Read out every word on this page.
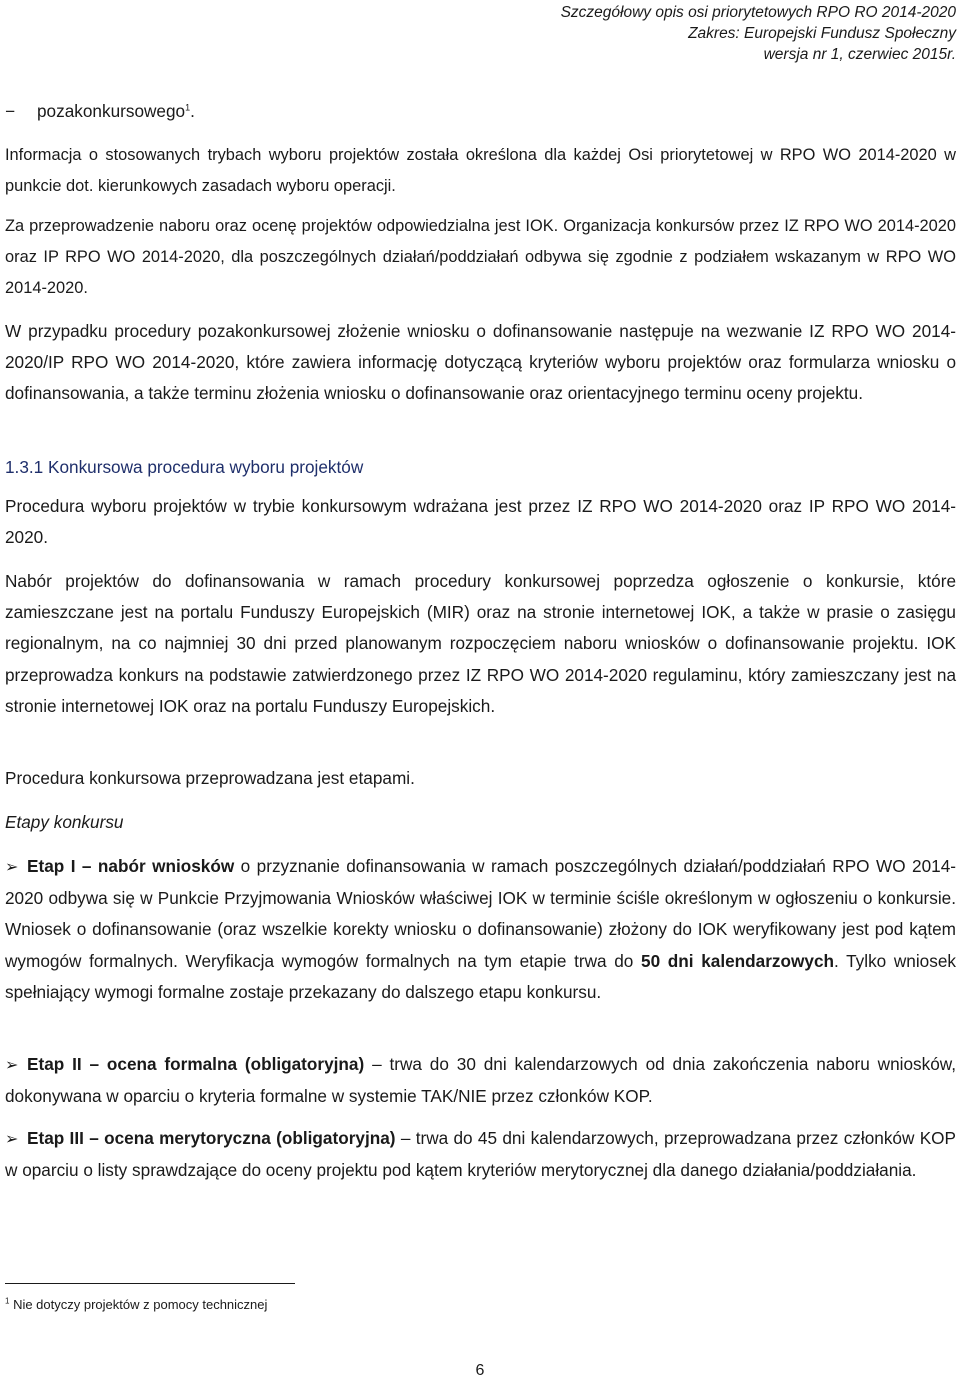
Szczegółowy opis osi priorytetowych RPO RO 2014-2020
Zakres: Europejski Fundusz Społeczny
wersja nr 1, czerwiec 2015r.
− pozakonkursowego$^1$.

Informacja o stosowanych trybach wyboru projektów została określona dla każdej Osi priorytetowej w RPO WO 2014-2020 w punkcie dot. kierunkowych zasadach wyboru operacji.

Za przeprowadzenie naboru oraz ocenę projektów odpowiedzialna jest IOK. Organizacja konkursów przez IZ RPO WO 2014-2020 oraz IP RPO WO 2014-2020, dla poszczególnych działań/poddziałań odbywa się zgodnie z podziałem wskazanym w RPO WO 2014-2020.

W przypadku procedury pozakonkursowej złożenie wniosku o dofinansowanie następuje na wezwanie IZ RPO WO 2014-2020/IP RPO WO 2014-2020, które zawiera informację dotyczącą kryteriów wyboru projektów oraz formularza wniosku o dofinansowania, a także terminu złożenia wniosku o dofinansowanie oraz orientacyjnego terminu oceny projektu.

1.3.1 Konkursowa procedura wyboru projektów

Procedura wyboru projektów w trybie konkursowym wdrażana jest przez IZ RPO WO 2014-2020 oraz IP RPO WO 2014-2020.

Nabór projektów do dofinansowania w ramach procedury konkursowej poprzedza ogłoszenie o konkursie, które zamieszczane jest na portalu Funduszy Europejskich (MIR) oraz na stronie internetowej IOK, a także w prasie o zasięgu regionalnym, na co najmniej 30 dni przed planowanym rozpoczęciem naboru wniosków o dofinansowanie projektu. IOK przeprowadza konkurs na podstawie zatwierdzonego przez IZ RPO WO 2014-2020 regulaminu, który zamieszczany jest na stronie internetowej IOK oraz na portalu Funduszy Europejskich.

Procedura konkursowa przeprowadzana jest etapami.

Etapy konkursu

➢ Etap I – nabór wniosków o przyznanie dofinansowania w ramach poszczególnych działań/poddziałań RPO WO 2014-2020 odbywa się w Punkcie Przyjmowania Wniosków właściwej IOK w terminie ściśle określonym w ogłoszeniu o konkursie. Wniosek o dofinansowanie (oraz wszelkie korekty wniosku o dofinansowanie) złożony do IOK weryfikowany jest pod kątem wymogów formalnych. Weryfikacja wymogów formalnych na tym etapie trwa do 50 dni kalendarzowych. Tylko wniosek spełniający wymogi formalne zostaje przekazany do dalszego etapu konkursu.

➢ Etap II – ocena formalna (obligatoryjna) – trwa do 30 dni kalendarzowych od dnia zakończenia naboru wniosków, dokonywana w oparciu o kryteria formalne w systemie TAK/NIE przez członków KOP.

➢ Etap III – ocena merytoryczna (obligatoryjna) – trwa do 45 dni kalendarzowych, przeprowadzana przez członków KOP w oparciu o listy sprawdzające do oceny projektu pod kątem kryteriów merytorycznej dla danego działania/poddziałania.

$^1$ Nie dotyczy projektów z pomocy technicznej
6
